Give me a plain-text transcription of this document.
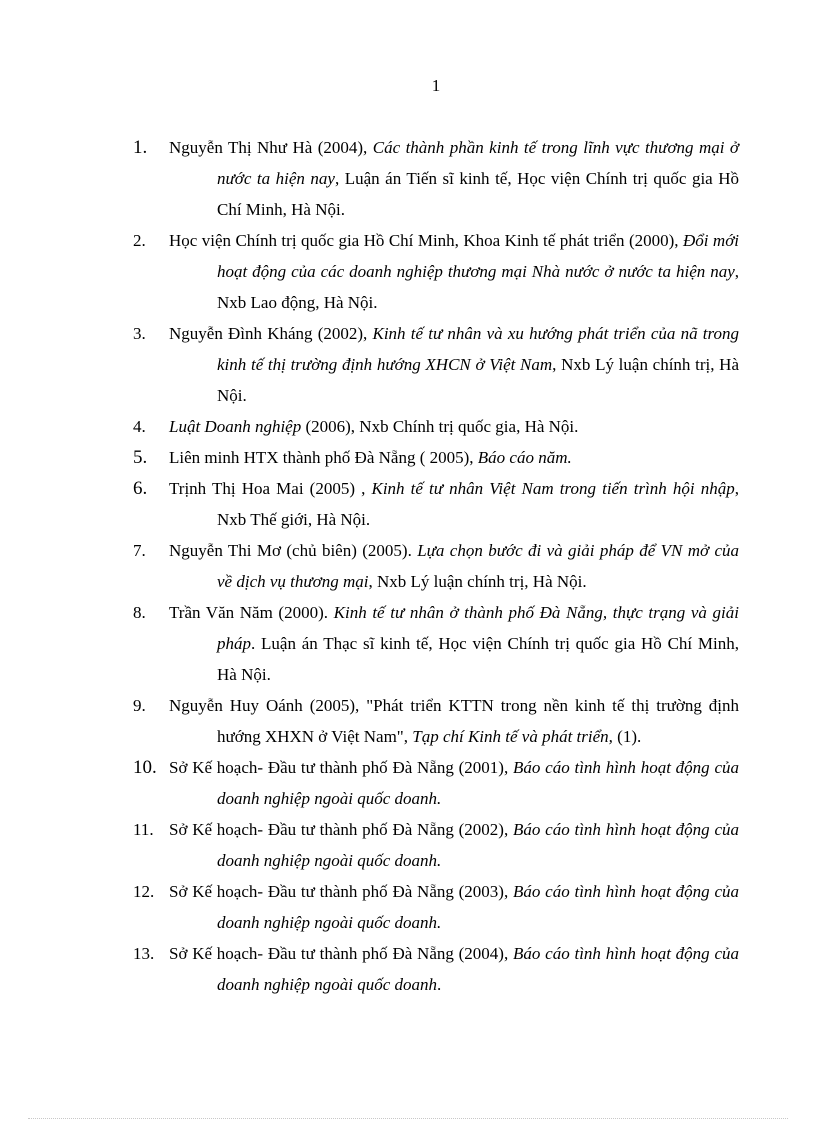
1
1.	Nguyễn Thị Như Hà (2004), Các thành phần kinh tế trong lĩnh vực thương mại ở nước ta hiện nay, Luận án Tiến sĩ kinh tế, Học viện Chính trị quốc gia Hồ Chí Minh, Hà Nội.
2.	Học viện Chính trị quốc gia Hồ Chí Minh, Khoa Kinh tế phát triển (2000), Đổi mới hoạt động của các doanh nghiệp thương mại Nhà nước ở nước ta hiện nay, Nxb Lao động, Hà Nội.
3.	Nguyễn Đình Kháng (2002), Kinh tế tư nhân và xu hướng phát triển của nã trong kinh tế thị trường định hướng XHCN ở Việt Nam, Nxb Lý luận chính trị, Hà Nội.
4.	Luật Doanh nghiệp (2006), Nxb Chính trị quốc gia, Hà Nội.
5.	Liên minh HTX thành phố Đà Nẵng ( 2005), Báo cáo năm.
6.	Trịnh Thị Hoa Mai (2005) , Kinh tế tư nhân Việt Nam trong tiến trình hội nhập, Nxb Thế giới, Hà Nội.
7.	Nguyễn Thi Mơ (chủ biên) (2005). Lựa chọn bước đi và giải pháp để VN mở của về dịch vụ thương mại, Nxb Lý luận chính trị, Hà Nội.
8.	Trần Văn Năm (2000). Kinh tế tư nhân ở thành phố Đà Nẵng, thực trạng và giải pháp. Luận án Thạc sĩ kinh tế, Học viện Chính trị quốc gia Hồ Chí Minh, Hà Nội.
9.	Nguyễn Huy Oánh (2005), "Phát triển KTTN trong nền kinh tế thị trường định hướng XHXN ở Việt Nam", Tạp chí Kinh tế và phát triển, (1).
10. Sở Kế hoạch- Đầu tư thành phố Đà Nẵng (2001), Báo cáo tình hình hoạt động của doanh nghiệp ngoài quốc doanh.
11. Sở Kế hoạch- Đầu tư thành phố Đà Nẵng (2002), Báo cáo tình hình hoạt động của doanh nghiệp ngoài quốc doanh.
12. Sở Kế hoạch- Đầu tư thành phố Đà Nẵng (2003), Báo cáo tình hình hoạt động của doanh nghiệp ngoài quốc doanh.
13. Sở Kế hoạch- Đầu tư thành phố Đà Nẵng (2004), Báo cáo tình hình hoạt động của doanh nghiệp ngoài quốc doanh.
